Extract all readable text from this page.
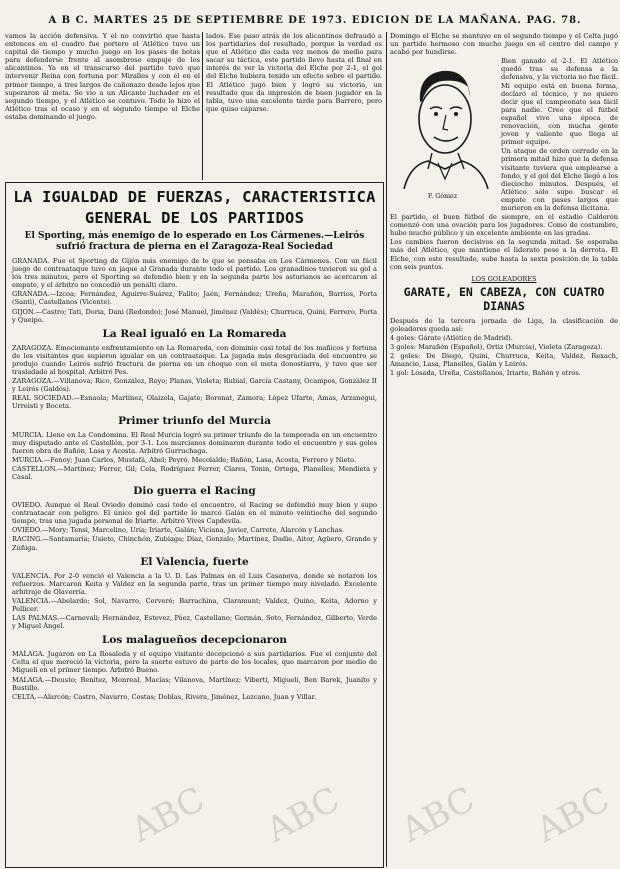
A B C. MARTES 25 DE SEPTIEMBRE DE 1973. EDICION DE LA MAÑANA. PAG. 78.

vamos la acción defensiva. Y el no convirtió que hasta entonces en el cuadro fue portero el Atlético tuvo un capital de tiempo y mucho juego en los pases de botas para defenderse frente al asombroso empuje de los alicantinos. Ya en el transcurso del partido tuvo que intervenir Reina con fortuna por Miralles y con él en el primer tiempo, a tres largos de cañonazo desde lejos que superaron al meta. Se vio a un Alicante luchador en el segundo tiempo, y el Atlético se contuvo. Todo lo hizo el Atlético tras el ocaso y en el segundo tiempo el Elche estaba dominando el juego.

lados. Ese paso atrás de los alicantinos defraudó a los partidarios del resultado, porque la verdad es que el Atlético dio cada vez menos de medio para sacar su táctica, este partido llevo hasta el final en interés de ver la victoria del Elche por 2-1, el gol del Elche hubiera tenido un efecto sobre el partido. El Atlético jugó bien y logró su victoria, un resultado que da impresión de buen jugador en la tabla, tuvo una excelente tarde para Barrero, pero que quiso caparse.

LA IGUALDAD DE FUERZAS, CARACTERISTICA GENERAL DE LOS PARTIDOS
El Sporting, más enemigo de lo esperado en Los Cármenes.—Leirós sufrió fractura de pierna en el Zaragoza-Real Sociedad

GRANADA. Fue el Sporting de Gijón más enemigo de lo que se pensaba en Los Cármenes. Con un fácil juego de contraataque tuvo en jaque al Granada durante todo el partido. Los granadinos tuvieron su gol a los tres minutos, pero el Sporting se defendió bien y en la segunda parte los asturianos se acercaron al empate, y el árbitro no concedió un penalti claro.

GRANADA.—Izcoa; Fernández, Aguirre-Suárez, Falito; Jaén, Fernández; Ureña, Marañón, Barrios, Porta (Santi), Castellanos (Vicente).

GIJON.—Castro; Tati, Doria, Dani (Redondo); José Manuel, Jiménez (Valdés); Churruca, Quini, Ferrero, Porta y Queipo.

La Real igualó en La Romareda

ZARAGOZA. Emocionante enfrentamiento en La Romareda, con dominio casi total de los mañicos y fortuna de los visitantes que supieron igualar en un contraataque. La jugada más desgraciada del encuentro se produjo cuando Leirós sufrió fractura de pierna en un choque con el meta donostiarra, y tuvo que ser trasladado al hospital. Arbitró Pes.

ZARAGOZA.—Villanova; Rico, González, Royo; Planas, Violeta; Rubial, García Castany, Ocampos, González II y Leirós (Galdós).

REAL SOCIEDAD.—Esnaola; Martínez, Olaizola, Gajate; Boronat, Zamora; López Ufarte, Amas, Arzanegui, Urreisti y Boceta.

Primer triunfo del Murcia

MURCIA. Lleno en La Condomina. El Real Murcia logró su primer triunfo de la temporada en un encuentro muy disputado ante el Castellón, por 3-1. Los murcianos dominaron durante todo el encuentro y sus goles fueron obra de Bañón, Lasa y Acosta. Arbitró Gurruchaga.

MURCIA.—Fenoy; Juan Carlos, Mustafá, Abel; Peyró, Mecolalde; Bañón, Lasa, Acosta, Ferrero y Nieto.

CASTELLON.—Martínez; Ferrer, Gil; Cela, Rodríguez Ferrer, Clares, Tonin, Ortega, Planelles, Mendieta y Casal.

Dio guerra el Racing

OVIEDO. Aunque el Real Oviedo dominó casi todo el encuentro, el Racing se defendió muy bien y supo contraatacar con peligro. El único gol del partido lo marcó Galán en el minuto veintiocho del segundo tiempo, tras una jugada personal de Iriarte. Arbitró Vives Capdevila.

OVIEDO.—Mory; Tensi, Marcelino, Uría; Iriarte, Galán; Viciana, Javier, Carrete, Alarcón y Lanchas.

RACING.—Santamaría; Usieto, Chinchón, Zubiaga; Díaz, Gonzalo; Martínez, Dadie, Aitor, Agüero, Grande y Zúñiga.

El Valencia, fuerte

VALENCIA. Por 2-0 venció el Valencia a la U. D. Las Palmas en el Luis Casanova, donde se notaron los refuerzos. Marcaron Keita y Valdez en la segunda parte, tras un primer tiempo muy nivelado. Excelente arbitraje de Olaverría.

VALENCIA.—Abelardo; Sol, Navarro, Cerveró; Barrachina, Claramunt; Valdez, Quino, Keita, Adorno y Pellicer.

LAS PALMAS.—Carnevali; Hernández, Estevez, Páez, Castellano; Germán, Soto, Fernández, Gilberto, Verde y Miguel Ángel.

Los malagueños decepcionaron

MALAGA. Jugaron en La Rosaleda y el equipo visitante decepcionó a sus partidarios. Fue el conjunto del Celta el que mereció la victoria, pero la suerte estuvo de parte de los locales, que marcaron por medio de Migueli en el primer tiempo. Arbitró Bueno.

MALAGA.—Deusto; Benítez, Monreal, Macías; Vilanova, Martínez; Viberti, Migueli, Ben Barek, Juanito y Bustillo.

CELTA.—Alarcón; Castro, Navarro, Costas; Doblas, Rivera, Jiménez, Lezcano, Juan y Villar.

Domingo el Elche se mantuvo en el segundo tiempo y el Celta jugó un partido hermoso con mucho juego en el centro del campo y acabó por hundirse.

F. Gómez

Bien ganado el 2-1. El Atlético quedó tras su defensa a la defensiva, y la victoria no fue fácil. Mi equipo está en buena forma, declaró el técnico, y no quiero decir que el campeonato sea fácil para nadie. Creo que el fútbol español vive una época de renovación, con mucha gente joven y valiente que llega al primer equipo.

Un ataque de orden cerrado en la primera mitad hizo que la defensa visitante tuviera que emplearse a fondo, y el gol del Elche llegó a los dieciocho minutos. Después, el Atlético sólo supo buscar el empate con pases largos que murieron en la defensa ilicitana.

El partido, el buen fútbol de siempre, en el estadio Calderón comenzó con una ovación para los jugadores. Como de costumbre, hubo mucho público y un excelente ambiente en las gradas.

Los cambios fueron decisivos en la segunda mitad. Se esperaba más del Atlético, que mantiene el liderato pese a la derrota. El Elche, con este resultado, sube hasta la sexta posición de la tabla con seis puntos.

LOS GOLEADORES
GARATE, EN CABEZA, CON CUATRO DIANAS

Después de la tercera jornada de Liga, la clasificación de goleadores queda así:

4 goles: Gárate (Atlético de Madrid).

3 goles: Marañón (Español), Ortiz (Murcia), Violeta (Zaragoza).

2 goles: De Diego, Quini, Churruca, Keita, Valdez, Rexach, Amancio, Lasa, Planelles, Galán y Leirós.

1 gol: Losada, Ureña, Castellanos, Iriarte, Bañón y otros.

ABC ABC ABC ABC
